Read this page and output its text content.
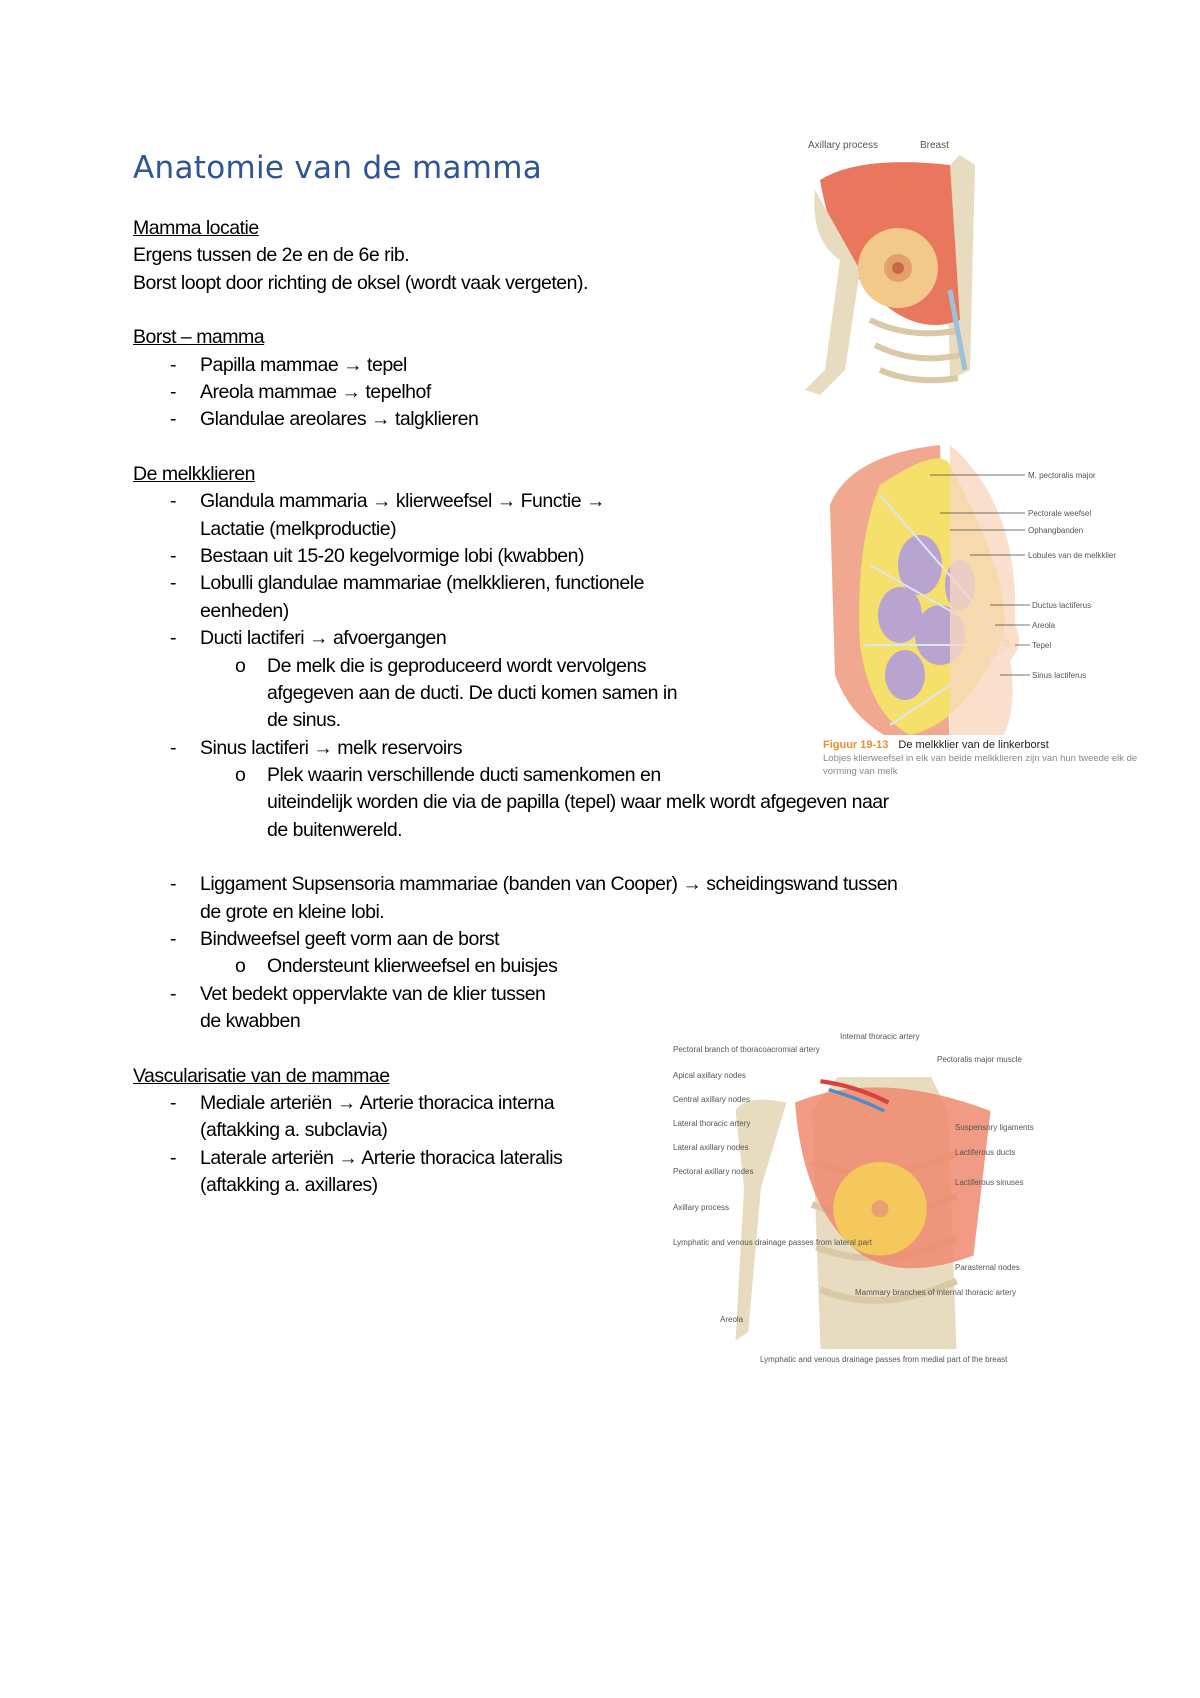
Anatomie van de mamma
Mamma locatie
Ergens tussen de 2e en de 6e rib.
Borst loopt door richting de oksel (wordt vaak vergeten).
Borst – mamma
- Papilla mammae → tepel
- Areola mammae → tepelhof
- Glandulae areolares → talgklieren
De melkklieren
- Glandula mammaria → klierweefsel → Functie →
Lactatie (melkproductie)
- Bestaan uit 15-20 kegelvormige lobi (kwabben)
- Lobulli glandulae mammariae (melkklieren, functionele
eenheden)
- Ducti lactiferi → afvoergangen
o De melk die is geproduceerd wordt vervolgens
afgegeven aan de ducti. De ducti komen samen in
de sinus.
- Sinus lactiferi → melk reservoirs
o Plek waarin verschillende ducti samenkomen en
uiteindelijk worden die via de papilla (tepel) waar melk wordt afgegeven naar
de buitenwereld.
- Liggament Supsensoria mammariae (banden van Cooper) → scheidingswand tussen
de grote en kleine lobi.
- Bindweefsel geeft vorm aan de borst
o Ondersteunt klierweefsel en buisjes
- Vet bedekt oppervlakte van de klier tussen
de kwabben
Vascularisatie van de mammae
- Mediale arteriën → Arterie thoracica interna
(aftakking a. subclavia)
- Laterale arteriën → Arterie thoracica lateralis
(aftakking a. axillares)
Axillary process	Breast
M. pectoralis major
Pectorale weefsel
Ophangbanden
Lobules van de melkklier
Ductus lactiferus
Areola
Tepel
Sinus lactiferus
Figuur 19-13 De melkklier van de linkerborst
Lobjes klierweefsel in elk van beide melkklieren zijn van hun tweede elk de vorming van melk
Internal thoracic artery
Pectoral branch of thoracoacromial artery
Pectoralis major muscle
Apical axillary nodes
Central axillary nodes
Lateral thoracic artery
Lateral axillary nodes
Pectoral axillary nodes
Axillary process
Lymphatic and venous drainage passes from lateral part
Areola
Suspensory ligaments
Lactiferous ducts
Lactiferous sinuses
Parasternal nodes
Mammary branches of internal thoracic artery
Lymphatic and venous drainage passes from medial part of the breast
